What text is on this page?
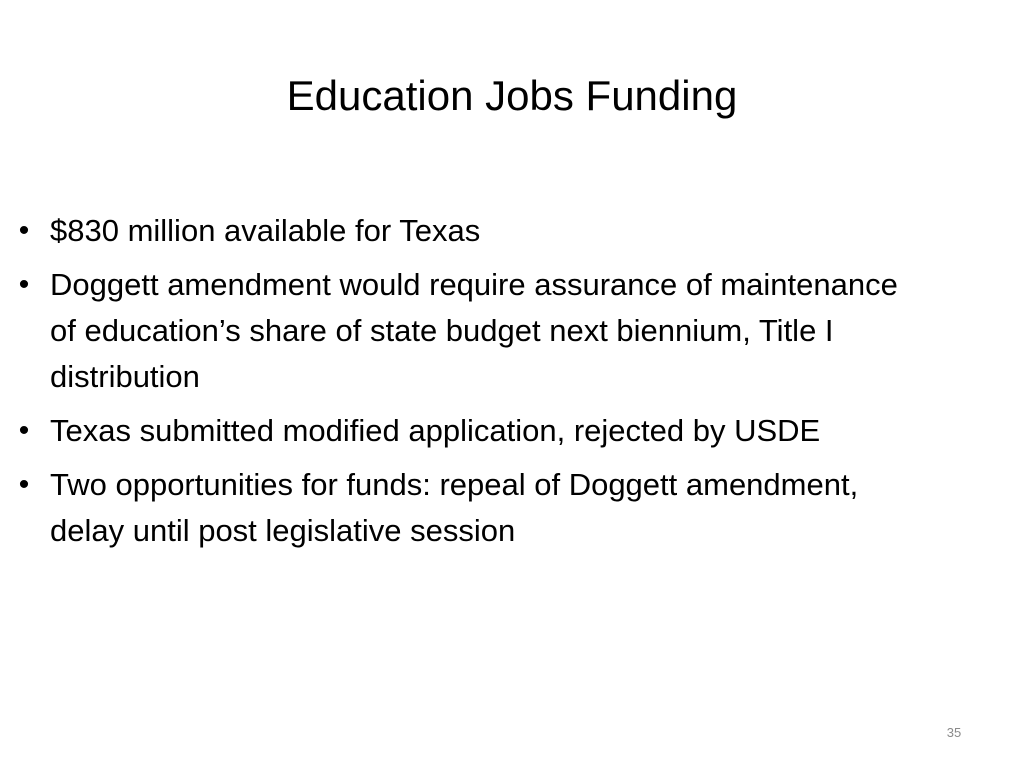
Education Jobs Funding
• $830 million available for Texas
• Doggett amendment would require assurance of maintenance of education’s share of state budget next biennium, Title I distribution
• Texas submitted modified application, rejected by USDE
• Two opportunities for funds: repeal of Doggett amendment, delay until post legislative session
35
